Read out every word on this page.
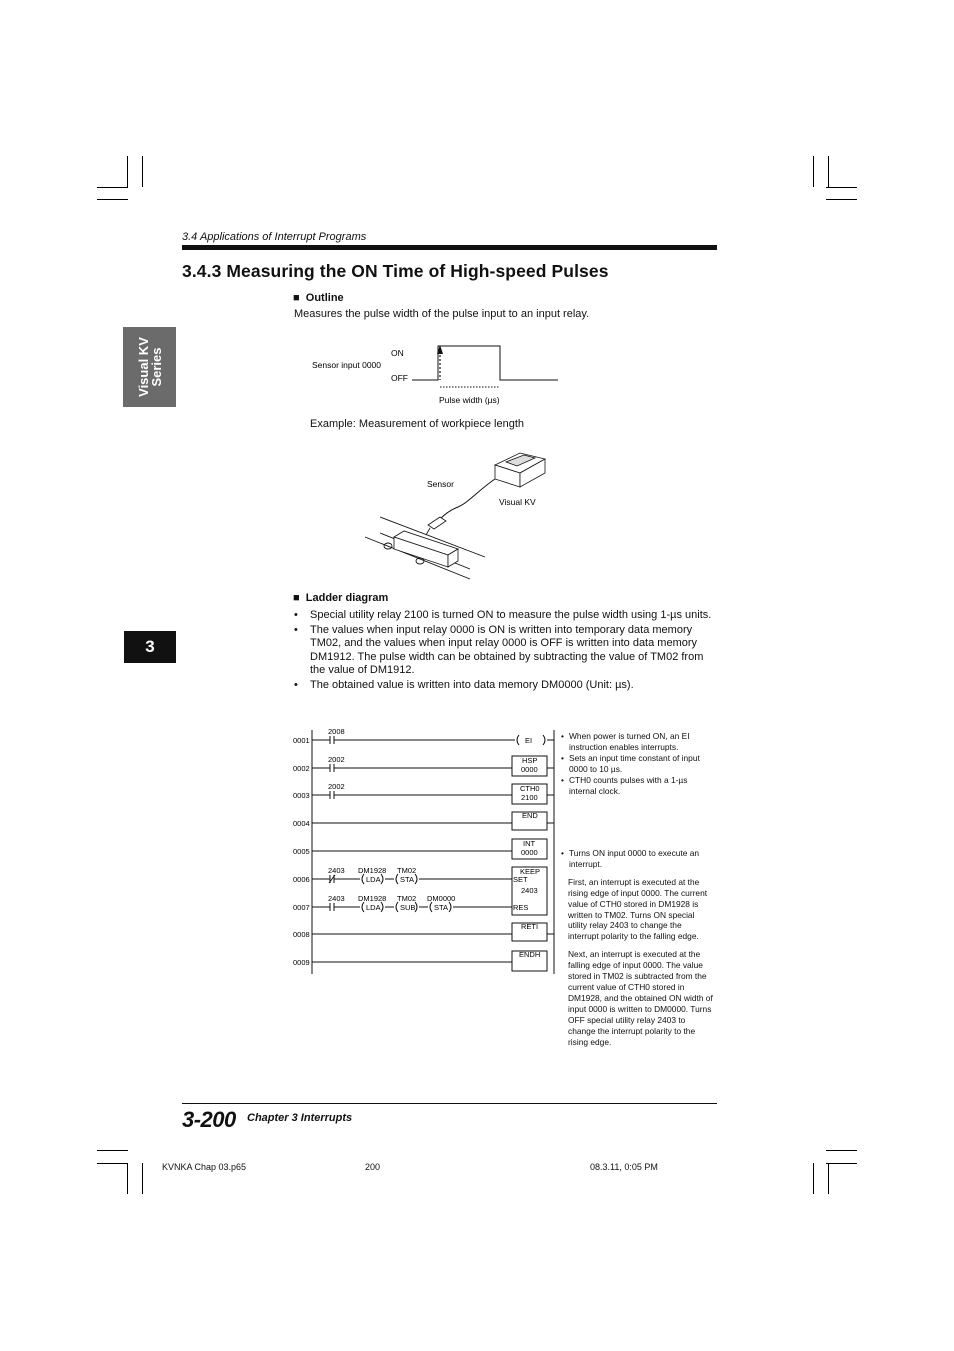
3.4 Applications of Interrupt Programs
3.4.3 Measuring the ON Time of High-speed Pulses
Visual KV
Series
3
■ Outline
Measures the pulse width of the pulse input to an input relay.
Sensor input 0000
ON
OFF
Pulse width (µs)
Example: Measurement of workpiece length
Sensor
Visual KV
■ Ladder diagram
• Special utility relay 2100 is turned ON to measure the pulse width using 1-µs units.
• The values when input relay 0000 is ON is written into temporary data memory TM02, and the values when input relay 0000 is OFF is written into data memory DM1912. The pulse width can be obtained by subtracting the value of TM02 from the value of DM1912.
• The obtained value is written into data memory DM0000 (Unit: µs).
0001
0002
0003
0004
0005
0006
0007
0008
0009
2008
EI
2002	HSP
0000
2002	CTH0
2100
END
INT
0000
KEEP
SET
2403
RES
2403 DM1928
LDA
TM02
STA
2403 DM1928
LDA
TM02
SUB
DM0000
STA
RETI
ENDH
• When power is turned ON, an EI instruction enables interrupts.
• Sets an input time constant of input 0000 to 10 µs.
• CTH0 counts pulses with a 1-µs internal clock.
• Turns ON input 0000 to execute an interrupt.

First, an interrupt is executed at the rising edge of input 0000. The current value of CTH0 stored in DM1928 is written to TM02. Turns ON special utility relay 2403 to change the interrupt polarity to the falling edge.

Next, an interrupt is executed at the falling edge of input 0000. The value stored in TM02 is subtracted from the current value of CTH0 stored in DM1928, and the obtained ON width of input 0000 is written to DM0000. Turns OFF special utility relay 2403 to change the interrupt polarity to the rising edge.

3-200 Chapter 3 Interrupts
KVNKA Chap 03.p65	200	08.3.11, 0:05 PM
